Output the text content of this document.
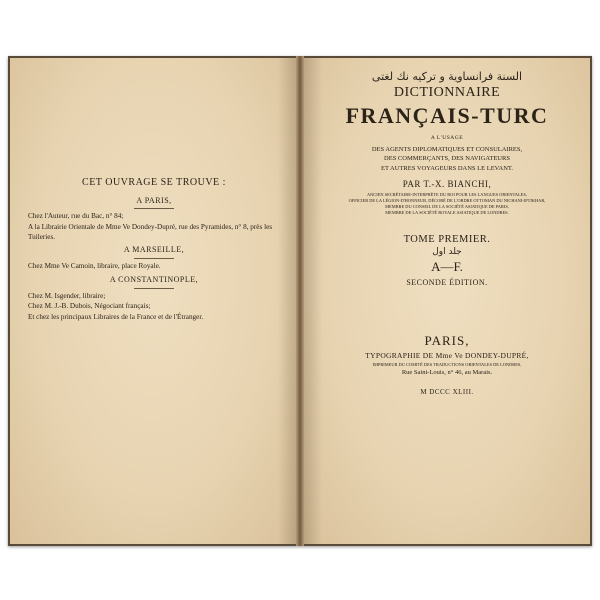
CET OUVRAGE SE TROUVE :
A PARIS,
Chez l'Auteur, rue du Bac, n° 84;
A la Librairie Orientale de Mme Ve Dondey-Dupré, rue des Pyramides, n° 8, près les Tuileries.
A MARSEILLE,
Chez Mme Ve Camoin, libraire, place Royale.
A CONSTANTINOPLE,
Chez M. Isgender, libraire;
Chez M. J.-B. Dubois, Négociant français;
Et chez les principaux Libraires de la France et de l'Étranger.
السنة فرانساوية و تركيه نك لغتى
DICTIONNAIRE
FRANÇAIS-TURC
A L'USAGE
DES AGENTS DIPLOMATIQUES ET CONSULAIRES,
DES COMMERÇANTS, DES NAVIGATEURS
ET AUTRES VOYAGEURS DANS LE LEVANT.
PAR T.-X. BIANCHI,
ANCIEN SECRÉTAIRE-INTERPRÈTE DU ROI POUR LES LANGUES ORIENTALES,
OFFICIER DE LA LÉGION-D'HONNEUR, DÉCORÉ DE L'ORDRE OTTOMAN DU NICHANI-IFTIKHAR,
MEMBRE DU CONSEIL DE LA SOCIÉTÉ ASIATIQUE DE PARIS,
MEMBRE DE LA SOCIÉTÉ ROYALE ASIATIQUE DE LONDRES.
TOME PREMIER.
جلد اول
A—F.
SECONDE ÉDITION.
PARIS,
TYPOGRAPHIE DE Mme Ve DONDEY-DUPRÉ,
IMPRIMEUR DU COMITÉ DES TRADUCTIONS ORIENTALES DE LONDRES,
Rue Saint-Louis, n° 46, au Marais.
M DCCC XLIII.
